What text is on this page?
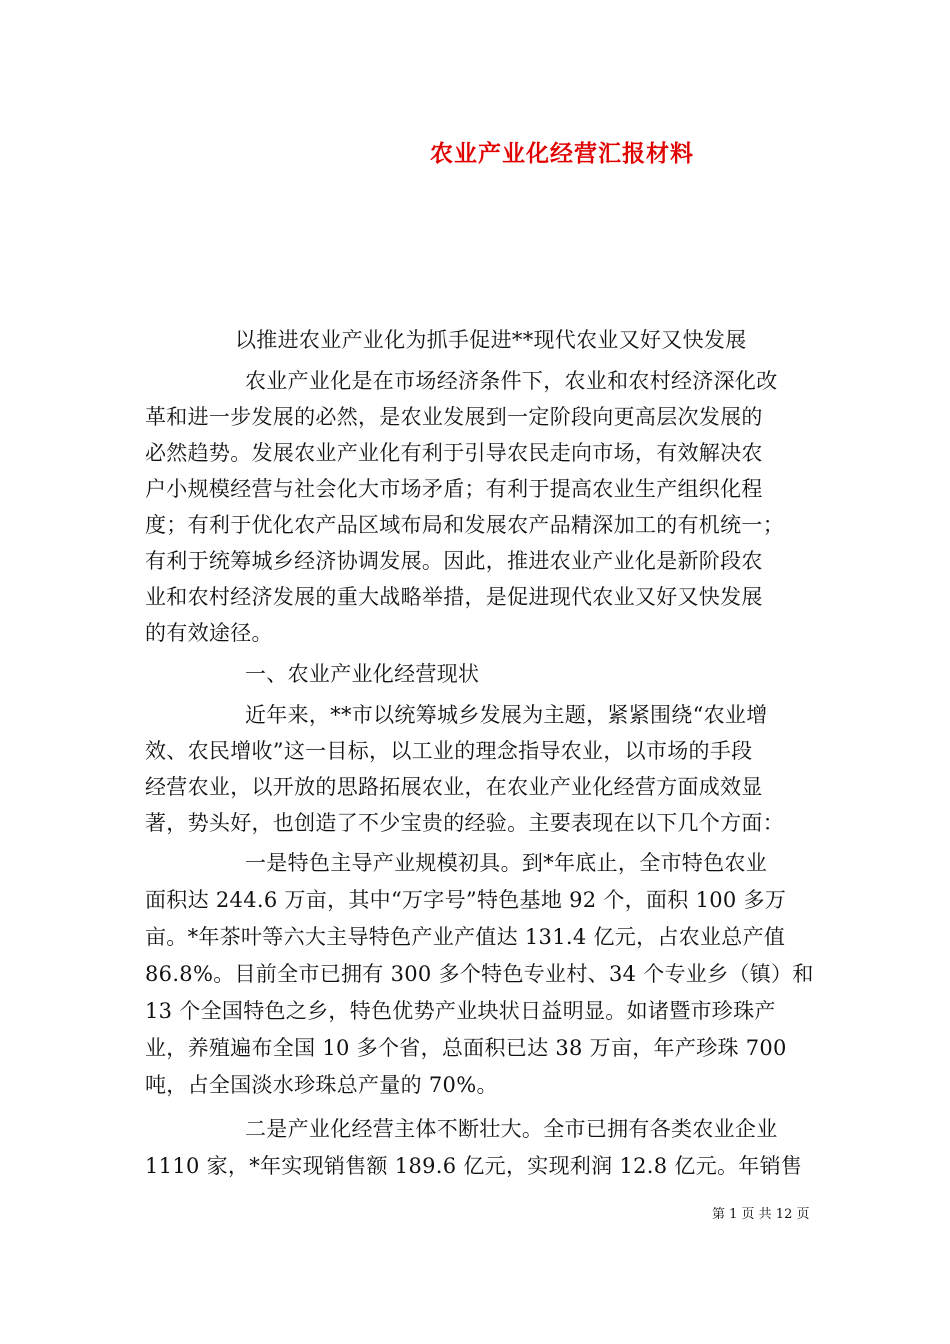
农业产业化经营汇报材料
以推进农业产业化为抓手促进**现代农业又好又快发展
农业产业化是在市场经济条件下，农业和农村经济深化改
革和进一步发展的必然，是农业发展到一定阶段向更高层次发展的
必然趋势。发展农业产业化有利于引导农民走向市场，有效解决农
户小规模经营与社会化大市场矛盾；有利于提高农业生产组织化程
度；有利于优化农产品区域布局和发展农产品精深加工的有机统一；
有利于统筹城乡经济协调发展。因此，推进农业产业化是新阶段农
业和农村经济发展的重大战略举措，是促进现代农业又好又快发展
的有效途径。
一、农业产业化经营现状
近年来，**市以统筹城乡发展为主题，紧紧围绕“农业增
效、农民增收”这一目标，以工业的理念指导农业，以市场的手段
经营农业，以开放的思路拓展农业，在农业产业化经营方面成效显
著，势头好，也创造了不少宝贵的经验。主要表现在以下几个方面：
一是特色主导产业规模初具。到*年底止，全市特色农业
面积达 244.6 万亩，其中“万字号”特色基地 92 个，面积 100 多万
亩。*年茶叶等六大主导特色产业产值达 131.4 亿元，占农业总产值
86.8%。目前全市已拥有 300 多个特色专业村、34 个专业乡（镇）和
13 个全国特色之乡，特色优势产业块状日益明显。如诸暨市珍珠产
业，养殖遍布全国 10 多个省，总面积已达 38 万亩，年产珍珠 700
吨，占全国淡水珍珠总产量的 70%。
二是产业化经营主体不断壮大。全市已拥有各类农业企业
1110 家，*年实现销售额 189.6 亿元，实现利润 12.8 亿元。年销售
第 1 页 共 12 页
